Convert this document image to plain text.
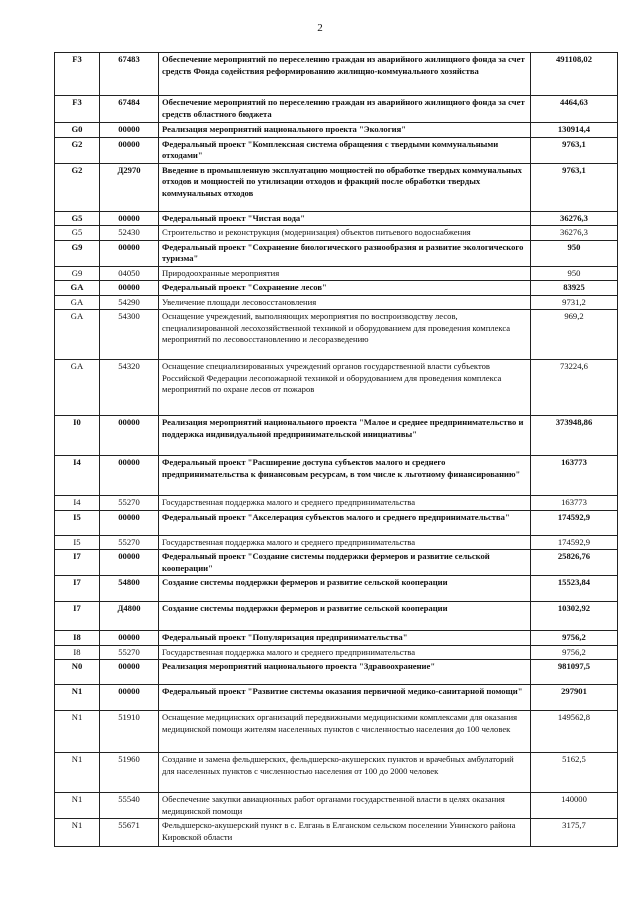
2
F3	67483	Обеспечение мероприятий по переселению граждан из аварийного жилищного фонда за счет средств Фонда содействия реформированию жилищно-коммунального хозяйства	491108,02
F3	67484	Обеспечение мероприятий по переселению граждан из аварийного жилищного фонда за счет средств областного бюджета	4464,63
G0	00000	Реализация мероприятий национального проекта "Экология"	130914,4
G2	00000	Федеральный проект "Комплексная система обращения с твердыми коммунальными отходами"	9763,1
G2	Д2970	Введение в промышленную эксплуатацию мощностей по обработке твердых коммунальных отходов и мощностей по утилизации отходов и фракций после обработки твердых коммунальных отходов	9763,1
G5	00000	Федеральный проект "Чистая вода"	36276,3
G5	52430	Строительство и реконструкция (модернизация) объектов питьевого водоснабжения	36276,3
G9	00000	Федеральный проект "Сохранение биологического разнообразия и развитие экологического туризма"	950
G9	04050	Природоохранные мероприятия	950
GA	00000	Федеральный проект "Сохранение лесов"	83925
GA	54290	Увеличение площади лесовосстановления	9731,2
GA	54300	Оснащение учреждений, выполняющих мероприятия по воспроизводству лесов, специализированной лесохозяйственной техникой и оборудованием для проведения комплекса мероприятий по лесовосстановлению и лесоразведению	969,2
GA	54320	Оснащение специализированных учреждений органов государственной власти субъектов Российской Федерации лесопожарной техникой и оборудованием для проведения комплекса мероприятий по охране лесов от пожаров	73224,6
I0	00000	Реализация мероприятий национального проекта "Малое и среднее предпринимательство и поддержка индивидуальной предпринимательской инициативы"	373948,86
I4	00000	Федеральный проект "Расширение доступа субъектов малого и среднего предпринимательства к финансовым ресурсам, в том числе к льготному финансированию"	163773
I4	55270	Государственная поддержка малого и среднего предпринимательства	163773
I5	00000	Федеральный проект "Акселерация субъектов малого и среднего предпринимательства"	174592,9
I5	55270	Государственная поддержка малого и среднего предпринимательства	174592,9
I7	00000	Федеральный проект "Создание системы поддержки фермеров и развитие сельской кооперации"	25826,76
I7	54800	Создание системы поддержки фермеров и развитие сельской кооперации	15523,84
I7	Д4800	Создание системы поддержки фермеров и развитие сельской кооперации	10302,92
I8	00000	Федеральный проект "Популяризация предпринимательства"	9756,2
I8	55270	Государственная поддержка малого и среднего предпринимательства	9756,2
N0	00000	Реализация мероприятий национального проекта "Здравоохранение"	981097,5
N1	00000	Федеральный проект "Развитие системы оказания первичной медико-санитарной помощи"	297901
N1	51910	Оснащение медицинских организаций передвижными медицинскими комплексами для оказания медицинской помощи жителям населенных пунктов с численностью населения до 100 человек	149562,8
N1	51960	Создание и замена фельдшерских, фельдшерско-акушерских пунктов и врачебных амбулаторий для населенных пунктов с численностью населения от 100 до 2000 человек	5162,5
N1	55540	Обеспечение закупки авиационных работ органами государственной власти в целях оказания медицинской помощи	140000
N1	55671	Фельдшерско-акушерский пункт в с. Елгань в Елганском сельском поселении Унинского района Кировской области	3175,7
